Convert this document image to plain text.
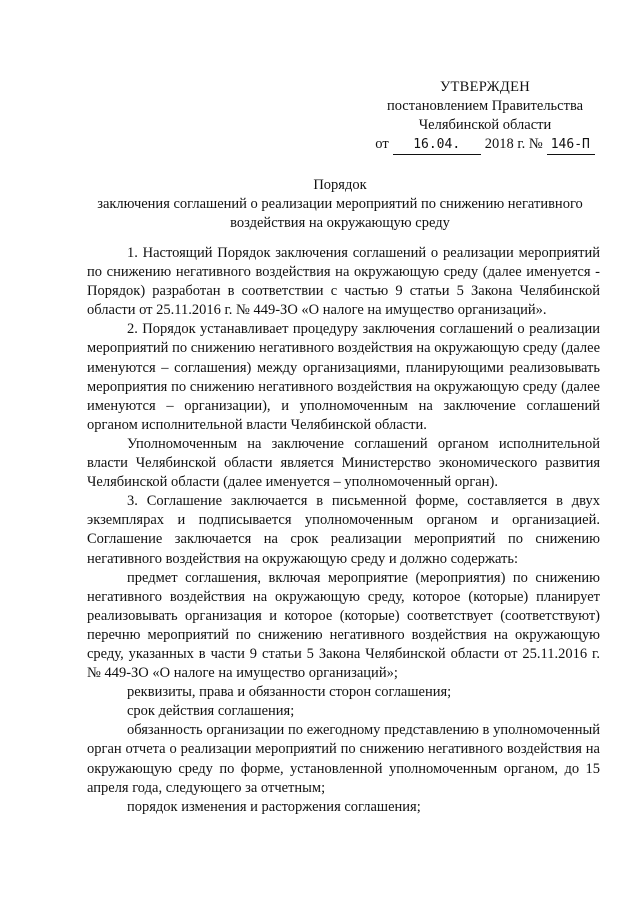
УТВЕРЖДЕН
постановлением Правительства
Челябинской области
от	16.04.	2018 г. № 146-П
Порядок
заключения соглашений о реализации мероприятий по снижению негативного
воздействия на окружающую среду

1. Настоящий Порядок заключения соглашений о реализации мероприятий по снижению негативного воздействия на окружающую среду (далее именуется - Порядок) разработан в соответствии с частью 9 статьи 5 Закона Челябинской области от 25.11.2016 г. № 449-ЗО «О налоге на имущество организаций».

2. Порядок устанавливает процедуру заключения соглашений о реализации мероприятий по снижению негативного воздействия на окружающую среду (далее именуются – соглашения) между организациями, планирующими реализовывать мероприятия по снижению негативного воздействия на окружающую среду (далее именуются – организации), и уполномоченным на заключение соглашений органом исполнительной власти Челябинской области.

Уполномоченным на заключение соглашений органом исполнительной власти Челябинской области является Министерство экономического развития Челябинской области (далее именуется – уполномоченный орган).

3. Соглашение заключается в письменной форме, составляется в двух экземплярах и подписывается уполномоченным органом и организацией. Соглашение заключается на срок реализации мероприятий по снижению негативного воздействия на окружающую среду и должно содержать:

предмет соглашения, включая мероприятие (мероприятия) по снижению негативного воздействия на окружающую среду, которое (которые) планирует реализовывать организация и которое (которые) соответствует (соответствуют) перечню мероприятий по снижению негативного воздействия на окружающую среду, указанных в части 9 статьи 5 Закона Челябинской области от 25.11.2016 г. № 449-ЗО «О налоге на имущество организаций»;

реквизиты, права и обязанности сторон соглашения;

срок действия соглашения;

обязанность организации по ежегодному представлению в уполномоченный орган отчета о реализации мероприятий по снижению негативного воздействия на окружающую среду по форме, установленной уполномоченным органом, до 15 апреля года, следующего за отчетным;

порядок изменения и расторжения соглашения;
